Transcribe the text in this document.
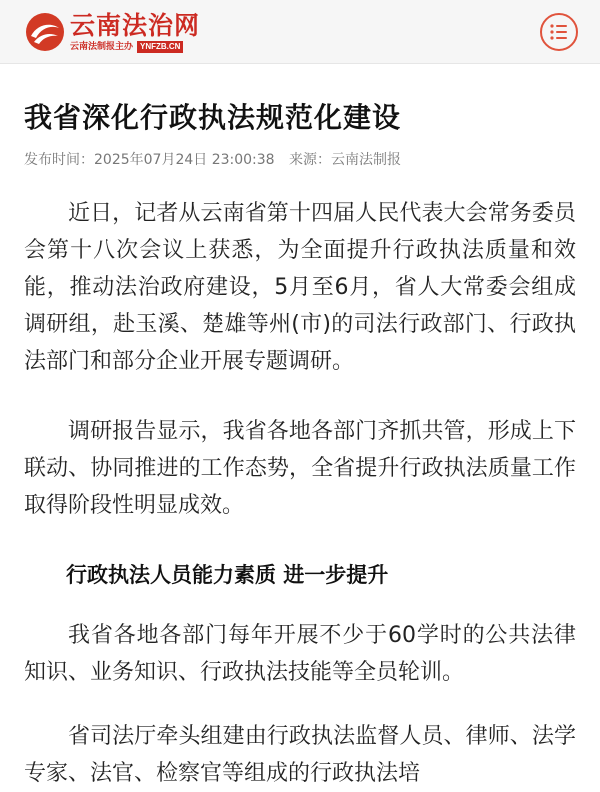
云南法治网
云南法制报主办 YNFZB.CN
我省深化行政执法规范化建设
发布时间：2025年07月24日 23:00:38 来源：云南法制报

近日，记者从云南省第十四届人民代表大会常务委员会第十八次会议上获悉，为全面提升行政执法质量和效能，推动法治政府建设，5月至6月，省人大常委会组成调研组，赴玉溪、楚雄等州(市)的司法行政部门、行政执法部门和部分企业开展专题调研。

调研报告显示，我省各地各部门齐抓共管，形成上下联动、协同推进的工作态势，全省提升行政执法质量工作取得阶段性明显成效。

行政执法人员能力素质 进一步提升

我省各地各部门每年开展不少于60学时的公共法律知识、业务知识、行政执法技能等全员轮训。

省司法厅牵头组建由行政执法监督人员、律师、法学专家、法官、检察官等组成的行政执法培
